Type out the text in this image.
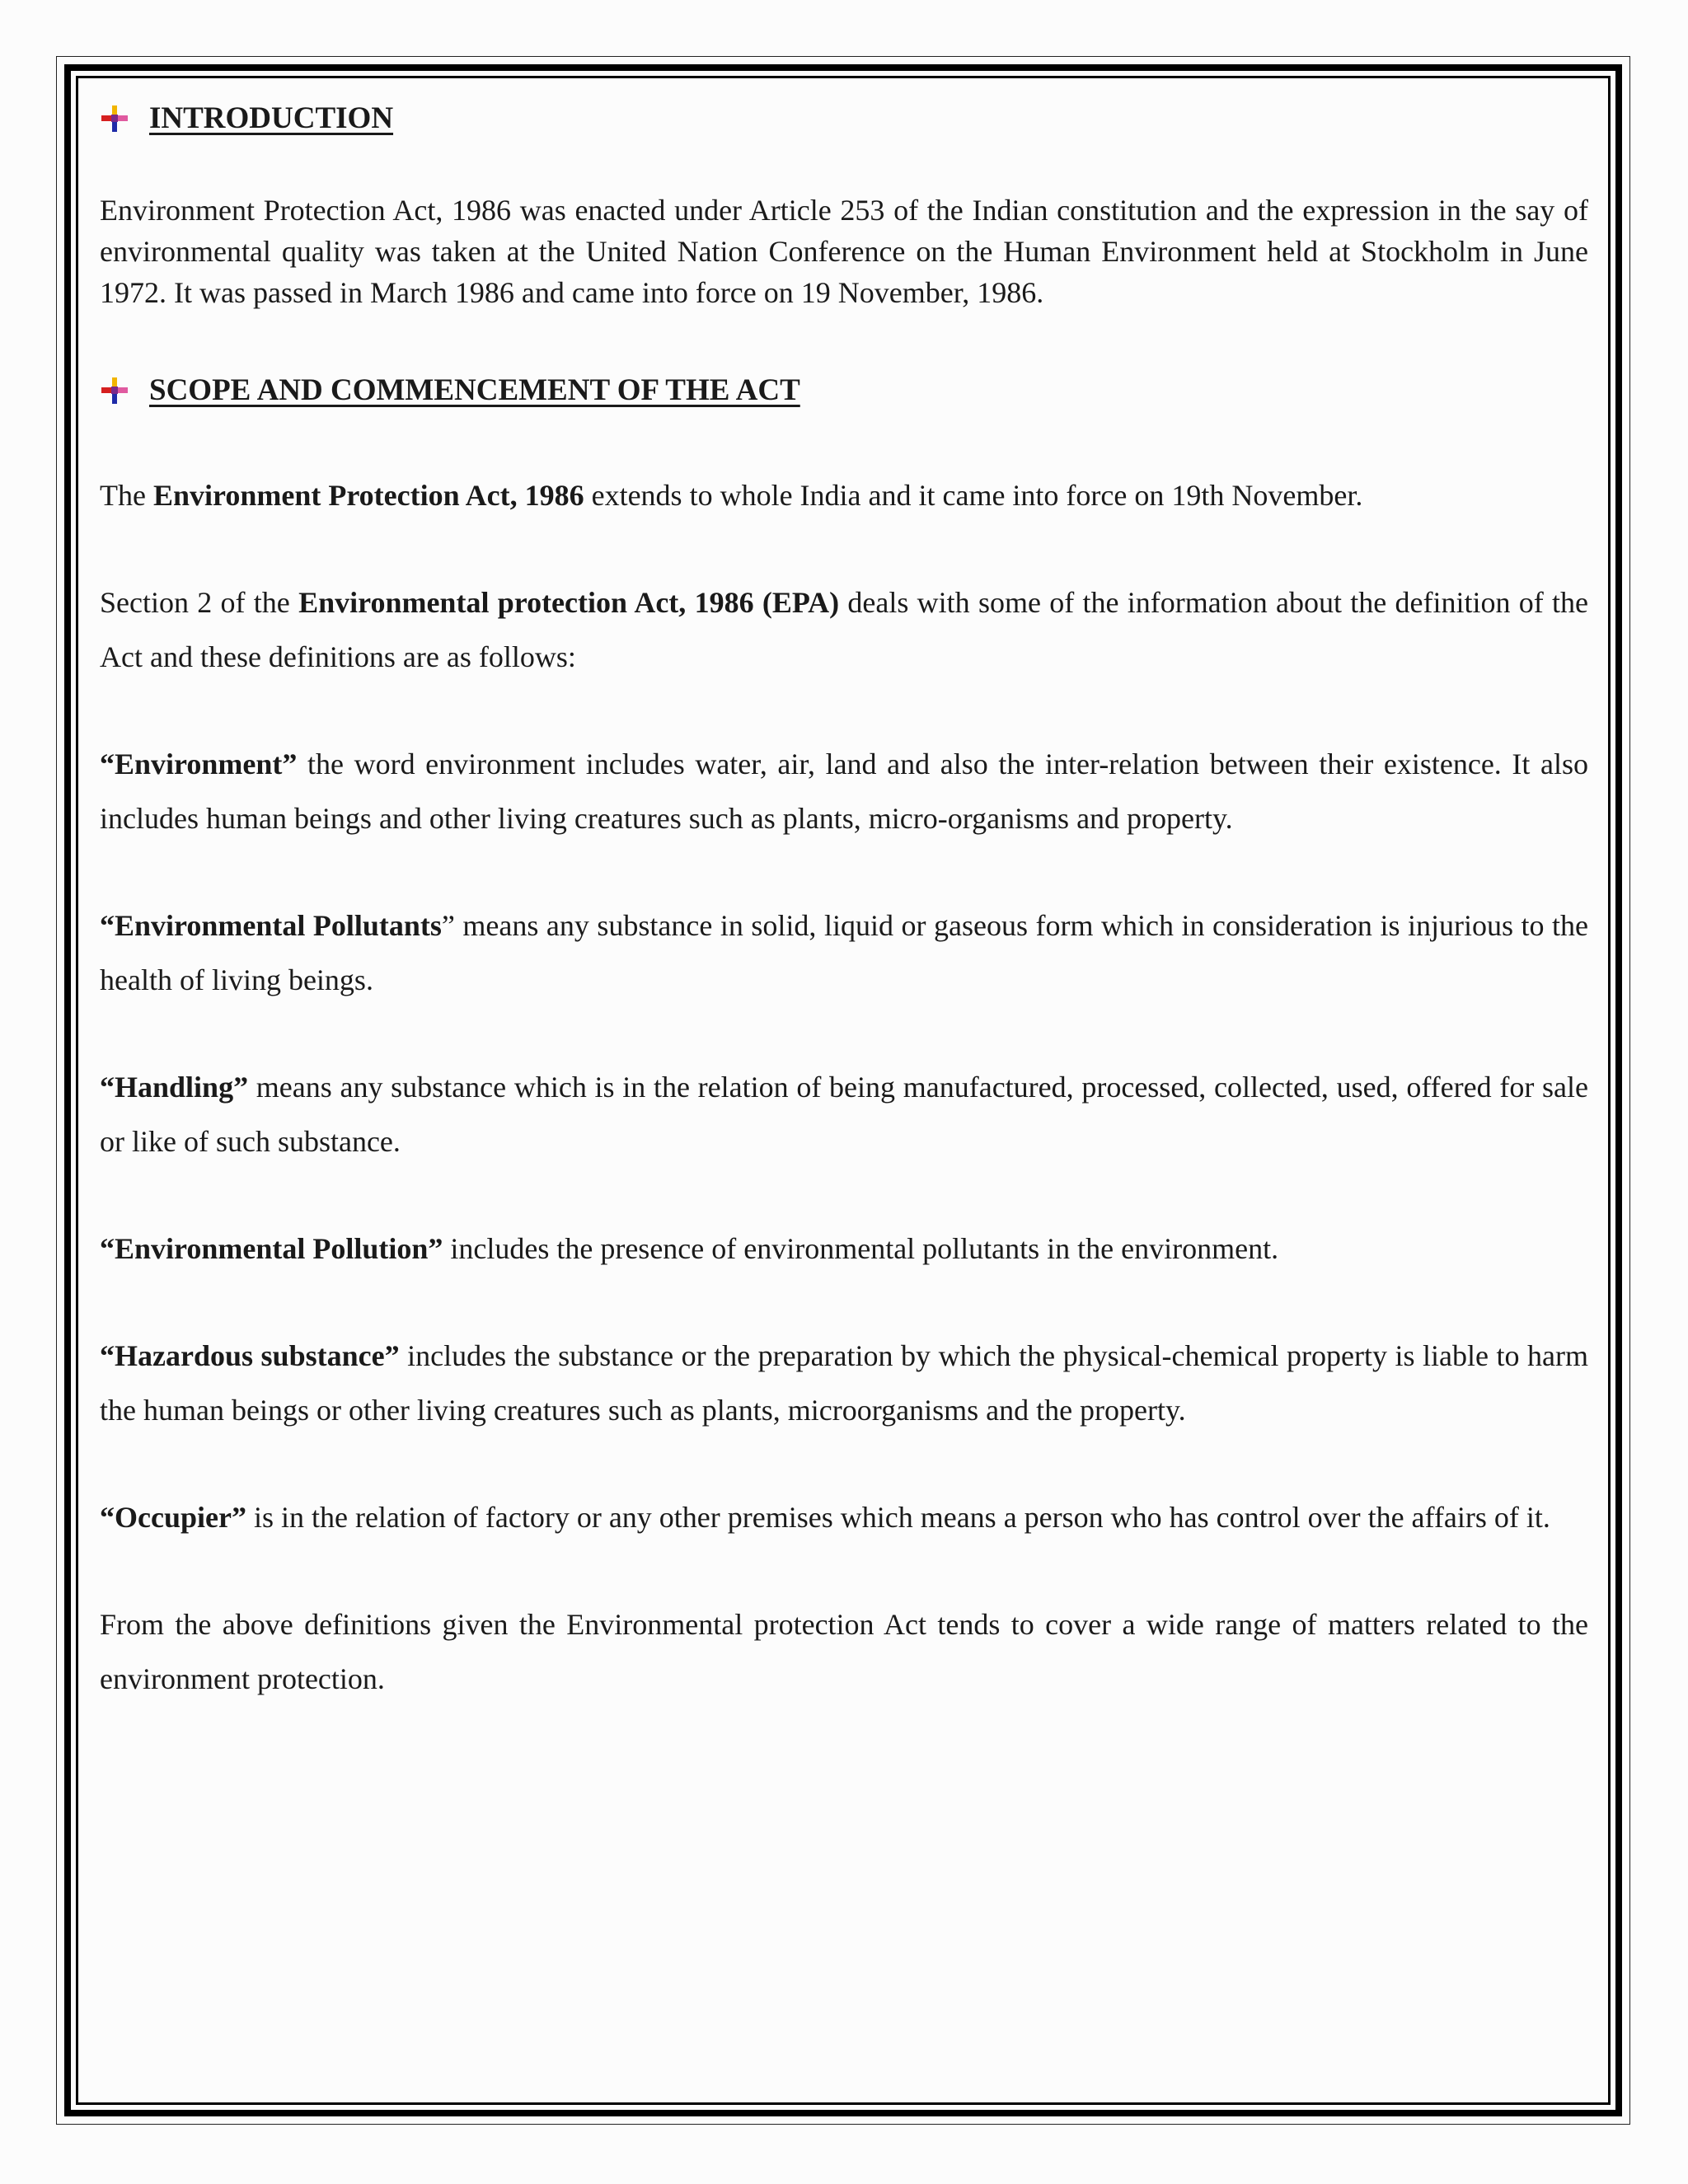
INTRODUCTION

Environment Protection Act, 1986 was enacted under Article 253 of the Indian constitution and the expression in the say of environmental quality was taken at the United Nation Conference on the Human Environment held at Stockholm in June 1972. It was passed in March 1986 and came into force on 19 November, 1986.

SCOPE AND COMMENCEMENT OF THE ACT

The Environment Protection Act, 1986 extends to whole India and it came into force on 19th November.

Section 2 of the Environmental protection Act, 1986 (EPA) deals with some of the information about the definition of the Act and these definitions are as follows:

“Environment” the word environment includes water, air, land and also the inter-relation between their existence. It also includes human beings and other living creatures such as plants, micro-organisms and property.

“Environmental Pollutants” means any substance in solid, liquid or gaseous form which in consideration is injurious to the health of living beings.

“Handling” means any substance which is in the relation of being manufactured, processed, collected, used, offered for sale or like of such substance.

“Environmental Pollution” includes the presence of environmental pollutants in the environment.

“Hazardous substance” includes the substance or the preparation by which the physical-chemical property is liable to harm the human beings or other living creatures such as plants, microorganisms and the property.

“Occupier” is in the relation of factory or any other premises which means a person who has control over the affairs of it.

From the above definitions given the Environmental protection Act tends to cover a wide range of matters related to the environment protection.
